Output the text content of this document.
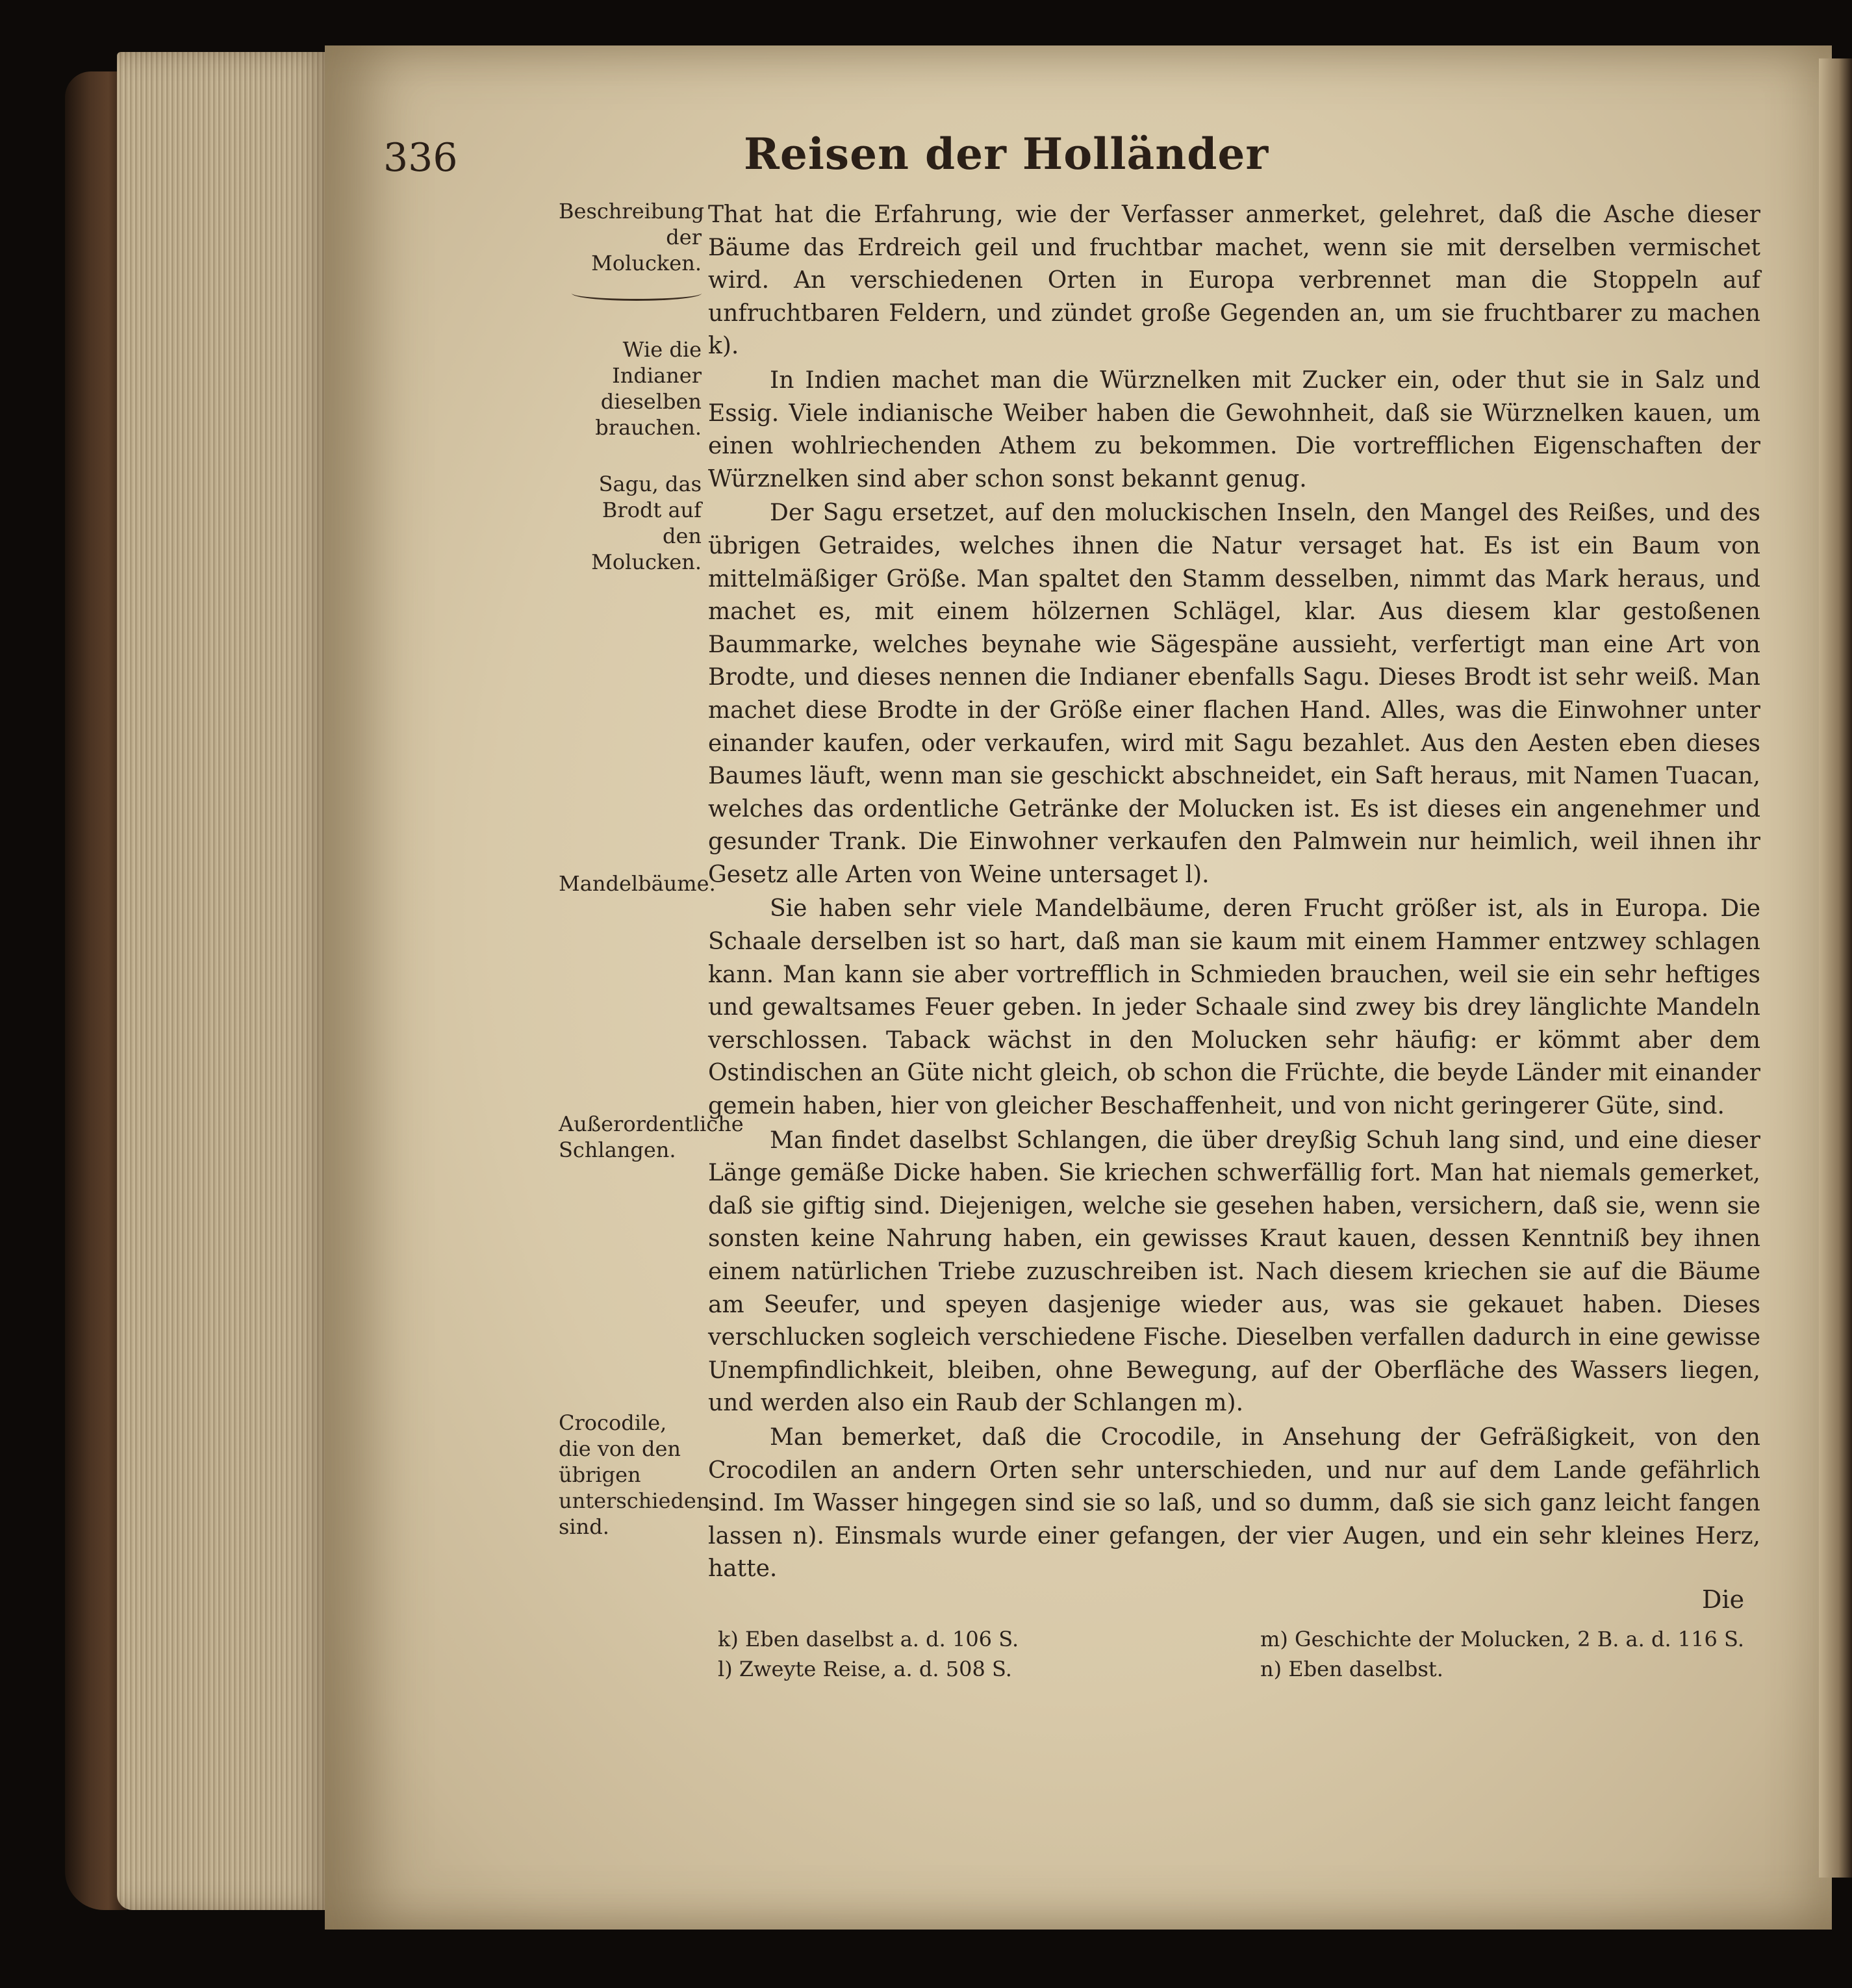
336	Reisen der Holländer
Beschreibung der Molucken.
Wie die Indianer dieselben brauchen.
Sagu, das Brodt auf den Molucken.
Mandelbäume.
Außerordentliche Schlangen.
Crocodile, die von den übrigen unterschieden sind.

That hat die Erfahrung, wie der Verfasser anmerket, gelehret, daß die Asche dieser Bäume das Erdreich geil und fruchtbar machet, wenn sie mit derselben vermischet wird. An verschiedenen Orten in Europa verbrennet man die Stoppeln auf unfruchtbaren Feldern, und zündet große Gegenden an, um sie fruchtbarer zu machen k).

In Indien machet man die Würznelken mit Zucker ein, oder thut sie in Salz und Essig. Viele indianische Weiber haben die Gewohnheit, daß sie Würznelken kauen, um einen wohlriechenden Athem zu bekommen. Die vortrefflichen Eigenschaften der Würznelken sind aber schon sonst bekannt genug.

Der Sagu ersetzet, auf den moluckischen Inseln, den Mangel des Reißes, und des übrigen Getraides, welches ihnen die Natur versaget hat. Es ist ein Baum von mittelmäßiger Größe. Man spaltet den Stamm desselben, nimmt das Mark heraus, und machet es, mit einem hölzernen Schlägel, klar. Aus diesem klar gestoßenen Baummarke, welches beynahe wie Sägespäne aussieht, verfertigt man eine Art von Brodte, und dieses nennen die Indianer ebenfalls Sagu. Dieses Brodt ist sehr weiß. Man machet diese Brodte in der Größe einer flachen Hand. Alles, was die Einwohner unter einander kaufen, oder verkaufen, wird mit Sagu bezahlet. Aus den Aesten eben dieses Baumes läuft, wenn man sie geschickt abschneidet, ein Saft heraus, mit Namen Tuacan, welches das ordentliche Getränke der Molucken ist. Es ist dieses ein angenehmer und gesunder Trank. Die Einwohner verkaufen den Palmwein nur heimlich, weil ihnen ihr Gesetz alle Arten von Weine untersaget l).

Sie haben sehr viele Mandelbäume, deren Frucht größer ist, als in Europa. Die Schaale derselben ist so hart, daß man sie kaum mit einem Hammer entzwey schlagen kann. Man kann sie aber vortrefflich in Schmieden brauchen, weil sie ein sehr heftiges und gewaltsames Feuer geben. In jeder Schaale sind zwey bis drey länglichte Mandeln verschlossen. Taback wächst in den Molucken sehr häufig: er kömmt aber dem Ostindischen an Güte nicht gleich, ob schon die Früchte, die beyde Länder mit einander gemein haben, hier von gleicher Beschaffenheit, und von nicht geringerer Güte, sind.

Man findet daselbst Schlangen, die über dreyßig Schuh lang sind, und eine dieser Länge gemäße Dicke haben. Sie kriechen schwerfällig fort. Man hat niemals gemerket, daß sie giftig sind. Diejenigen, welche sie gesehen haben, versichern, daß sie, wenn sie sonsten keine Nahrung haben, ein gewisses Kraut kauen, dessen Kenntniß bey ihnen einem natürlichen Triebe zuzuschreiben ist. Nach diesem kriechen sie auf die Bäume am Seeufer, und speyen dasjenige wieder aus, was sie gekauet haben. Dieses verschlucken sogleich verschiedene Fische. Dieselben verfallen dadurch in eine gewisse Unempfindlichkeit, bleiben, ohne Bewegung, auf der Oberfläche des Wassers liegen, und werden also ein Raub der Schlangen m).

Man bemerket, daß die Crocodile, in Ansehung der Gefräßigkeit, von den Crocodilen an andern Orten sehr unterschieden, und nur auf dem Lande gefährlich sind. Im Wasser hingegen sind sie so laß, und so dumm, daß sie sich ganz leicht fangen lassen n). Einsmals wurde einer gefangen, der vier Augen, und ein sehr kleines Herz, hatte.

Die
k) Eben daselbst a. d. 106 S.
l) Zweyte Reise, a. d. 508 S.
m) Geschichte der Molucken, 2 B. a. d. 116 S.
n) Eben daselbst.
